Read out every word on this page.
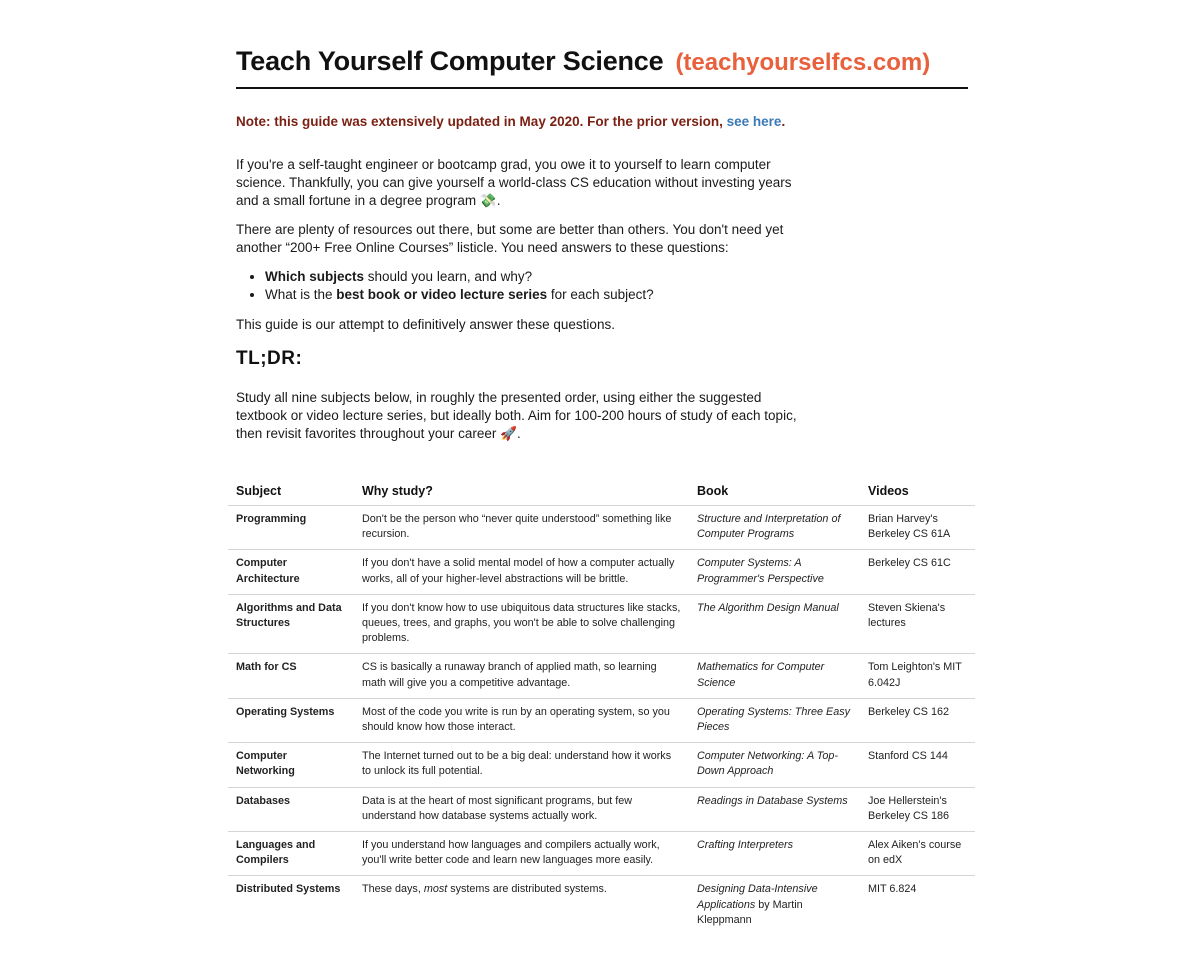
Teach Yourself Computer Science (teachyourselfcs.com)
Note: this guide was extensively updated in May 2020. For the prior version, see here.
If you're a self-taught engineer or bootcamp grad, you owe it to yourself to learn computer science. Thankfully, you can give yourself a world-class CS education without investing years and a small fortune in a degree program 💸.
There are plenty of resources out there, but some are better than others. You don't need yet another “200+ Free Online Courses” listicle. You need answers to these questions:
• Which subjects should you learn, and why?
• What is the best book or video lecture series for each subject?
This guide is our attempt to definitively answer these questions.
TL;DR:
Study all nine subjects below, in roughly the presented order, using either the suggested textbook or video lecture series, but ideally both. Aim for 100-200 hours of study of each topic, then revisit favorites throughout your career 🚀.
Subject	Why study?	Book	Videos
Programming	Don't be the person who “never quite understood” something like recursion.	Structure and Interpretation of Computer Programs	Brian Harvey's Berkeley CS 61A
Computer Architecture	If you don't have a solid mental model of how a computer actually works, all of your higher-level abstractions will be brittle.	Computer Systems: A Programmer's Perspective	Berkeley CS 61C
Algorithms and Data Structures	If you don't know how to use ubiquitous data structures like stacks, queues, trees, and graphs, you won't be able to solve challenging problems.	The Algorithm Design Manual	Steven Skiena's lectures
Math for CS	CS is basically a runaway branch of applied math, so learning math will give you a competitive advantage.	Mathematics for Computer Science	Tom Leighton's MIT 6.042J
Operating Systems	Most of the code you write is run by an operating system, so you should know how those interact.	Operating Systems: Three Easy Pieces	Berkeley CS 162
Computer Networking	The Internet turned out to be a big deal: understand how it works to unlock its full potential.	Computer Networking: A Top-Down Approach	Stanford CS 144
Databases	Data is at the heart of most significant programs, but few understand how database systems actually work.	Readings in Database Systems	Joe Hellerstein's Berkeley CS 186
Languages and Compilers	If you understand how languages and compilers actually work, you'll write better code and learn new languages more easily.	Crafting Interpreters	Alex Aiken's course on edX
Distributed Systems	These days, most systems are distributed systems.	Designing Data-Intensive Applications by Martin Kleppmann	MIT 6.824
